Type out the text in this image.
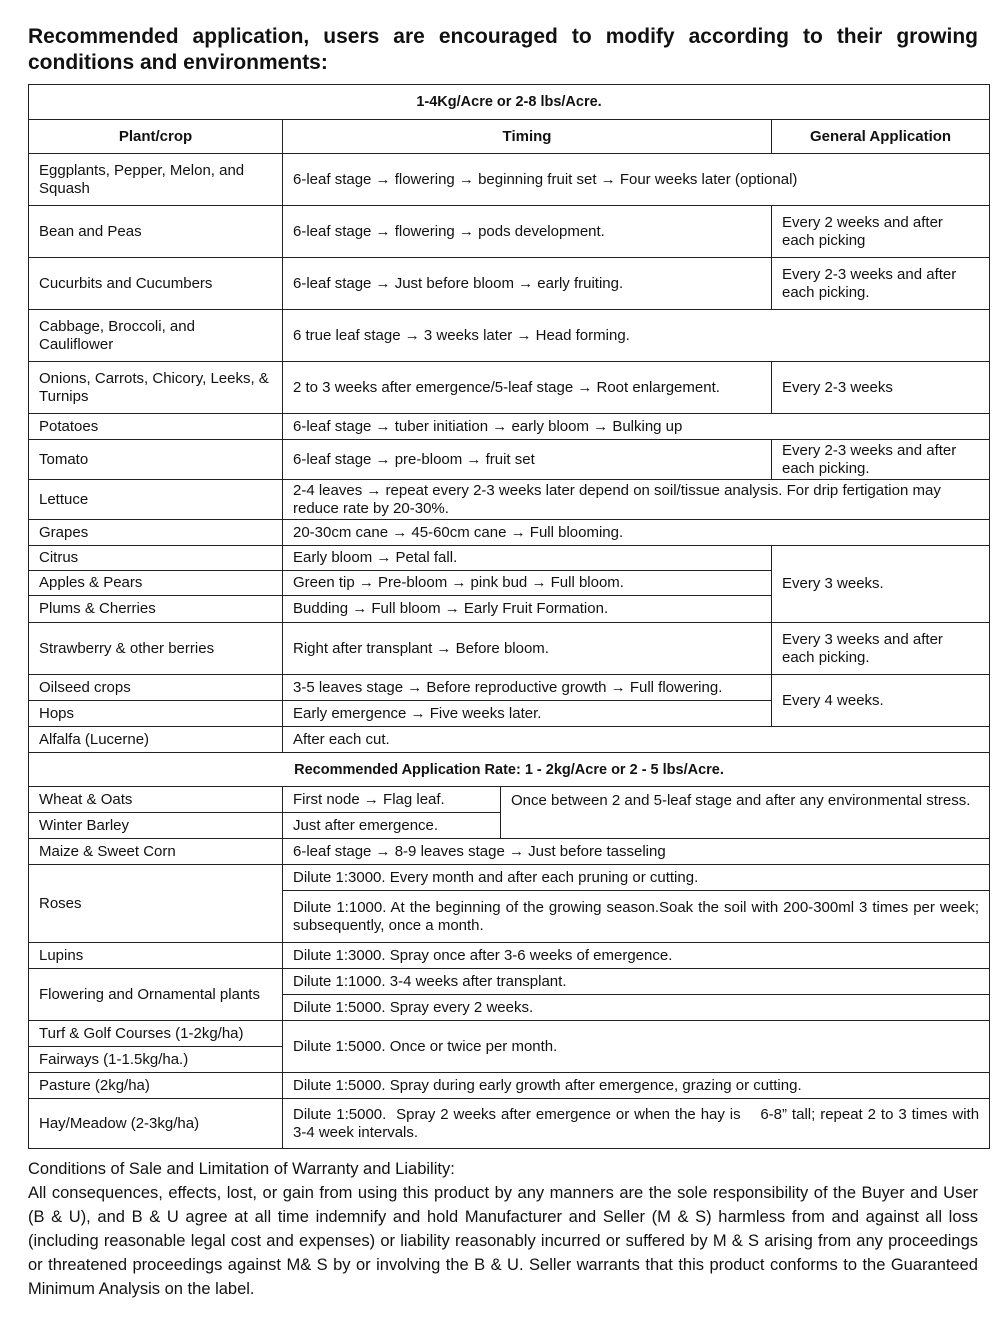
Recommended application, users are encouraged to modify according to their growing conditions and environments:
1-4Kg/Acre or 2-8 lbs/Acre.			
Plant/crop	Timing		General Application
Eggplants, Pepper, Melon, and Squash	6-leaf stage → flowering → beginning fruit set → Four weeks later (optional)		
Bean and Peas	6-leaf stage → flowering → pods development.		Every 2 weeks and after each picking
Cucurbits and Cucumbers	6-leaf stage → Just before bloom → early fruiting.		Every 2-3 weeks and after each picking.
Cabbage, Broccoli, and Cauliflower	6 true leaf stage → 3 weeks later → Head forming.		
Onions, Carrots, Chicory, Leeks, & Turnips	2 to 3 weeks after emergence/5-leaf stage → Root enlargement.		Every 2-3 weeks
Potatoes	6-leaf stage → tuber initiation → early bloom → Bulking up		
Tomato	6-leaf stage → pre-bloom → fruit set		Every 2-3 weeks and after each picking.
Lettuce	2-4 leaves → repeat every 2-3 weeks later depend on soil/tissue analysis. For drip fertigation may reduce rate by 20-30%.		
Grapes	20-30cm cane → 45-60cm cane → Full blooming.		
Citrus	Early bloom → Petal fall.		Every 3 weeks.
Apples & Pears	Green tip → Pre-bloom → pink bud → Full bloom.		
Plums & Cherries	Budding → Full bloom → Early Fruit Formation.		
Strawberry & other berries	Right after transplant → Before bloom.		Every 3 weeks and after each picking.
Oilseed crops	3-5 leaves stage → Before reproductive growth → Full flowering.		Every 4 weeks.
Hops	Early emergence → Five weeks later.		
Alfalfa (Lucerne)	After each cut.		
Recommended Application Rate: 1 - 2kg/Acre or 2 - 5 lbs/Acre.			
Wheat & Oats	First node → Flag leaf.	Once between 2 and 5-leaf stage and after any environmental stress.	
Winter Barley	Just after emergence.		
Maize & Sweet Corn	6-leaf stage → 8-9 leaves stage → Just before tasseling		
Roses	Dilute 1:3000. Every month and after each pruning or cutting.		
	Dilute 1:1000. At the beginning of the growing season.Soak the soil with 200-300ml 3 times per week; subsequently, once a month.		
Lupins	Dilute 1:3000. Spray once after 3-6 weeks of emergence.		
Flowering and Ornamental plants	Dilute 1:1000. 3-4 weeks after transplant.		
	Dilute 1:5000. Spray every 2 weeks.		
Turf & Golf Courses (1-2kg/ha)	Dilute 1:5000. Once or twice per month.		
Fairways (1-1.5kg/ha.)			
Pasture (2kg/ha)	Dilute 1:5000. Spray during early growth after emergence, grazing or cutting.		
Hay/Meadow (2-3kg/ha)	Dilute 1:5000.  Spray 2 weeks after emergence or when the hay is    6-8” tall; repeat 2 to 3 times with 3-4 week intervals.		

Conditions of Sale and Limitation of Warranty and Liability:

All consequences, effects, lost, or gain from using this product by any manners are the sole responsibility of the Buyer and User (B & U), and B & U agree at all time indemnify and hold Manufacturer and Seller (M & S) harmless from and against all loss (including reasonable legal cost and expenses) or liability reasonably incurred or suffered by M & S arising from any proceedings or threatened proceedings against M& S by or involving the B & U. Seller warrants that this product conforms to the Guaranteed Minimum Analysis on the label.
